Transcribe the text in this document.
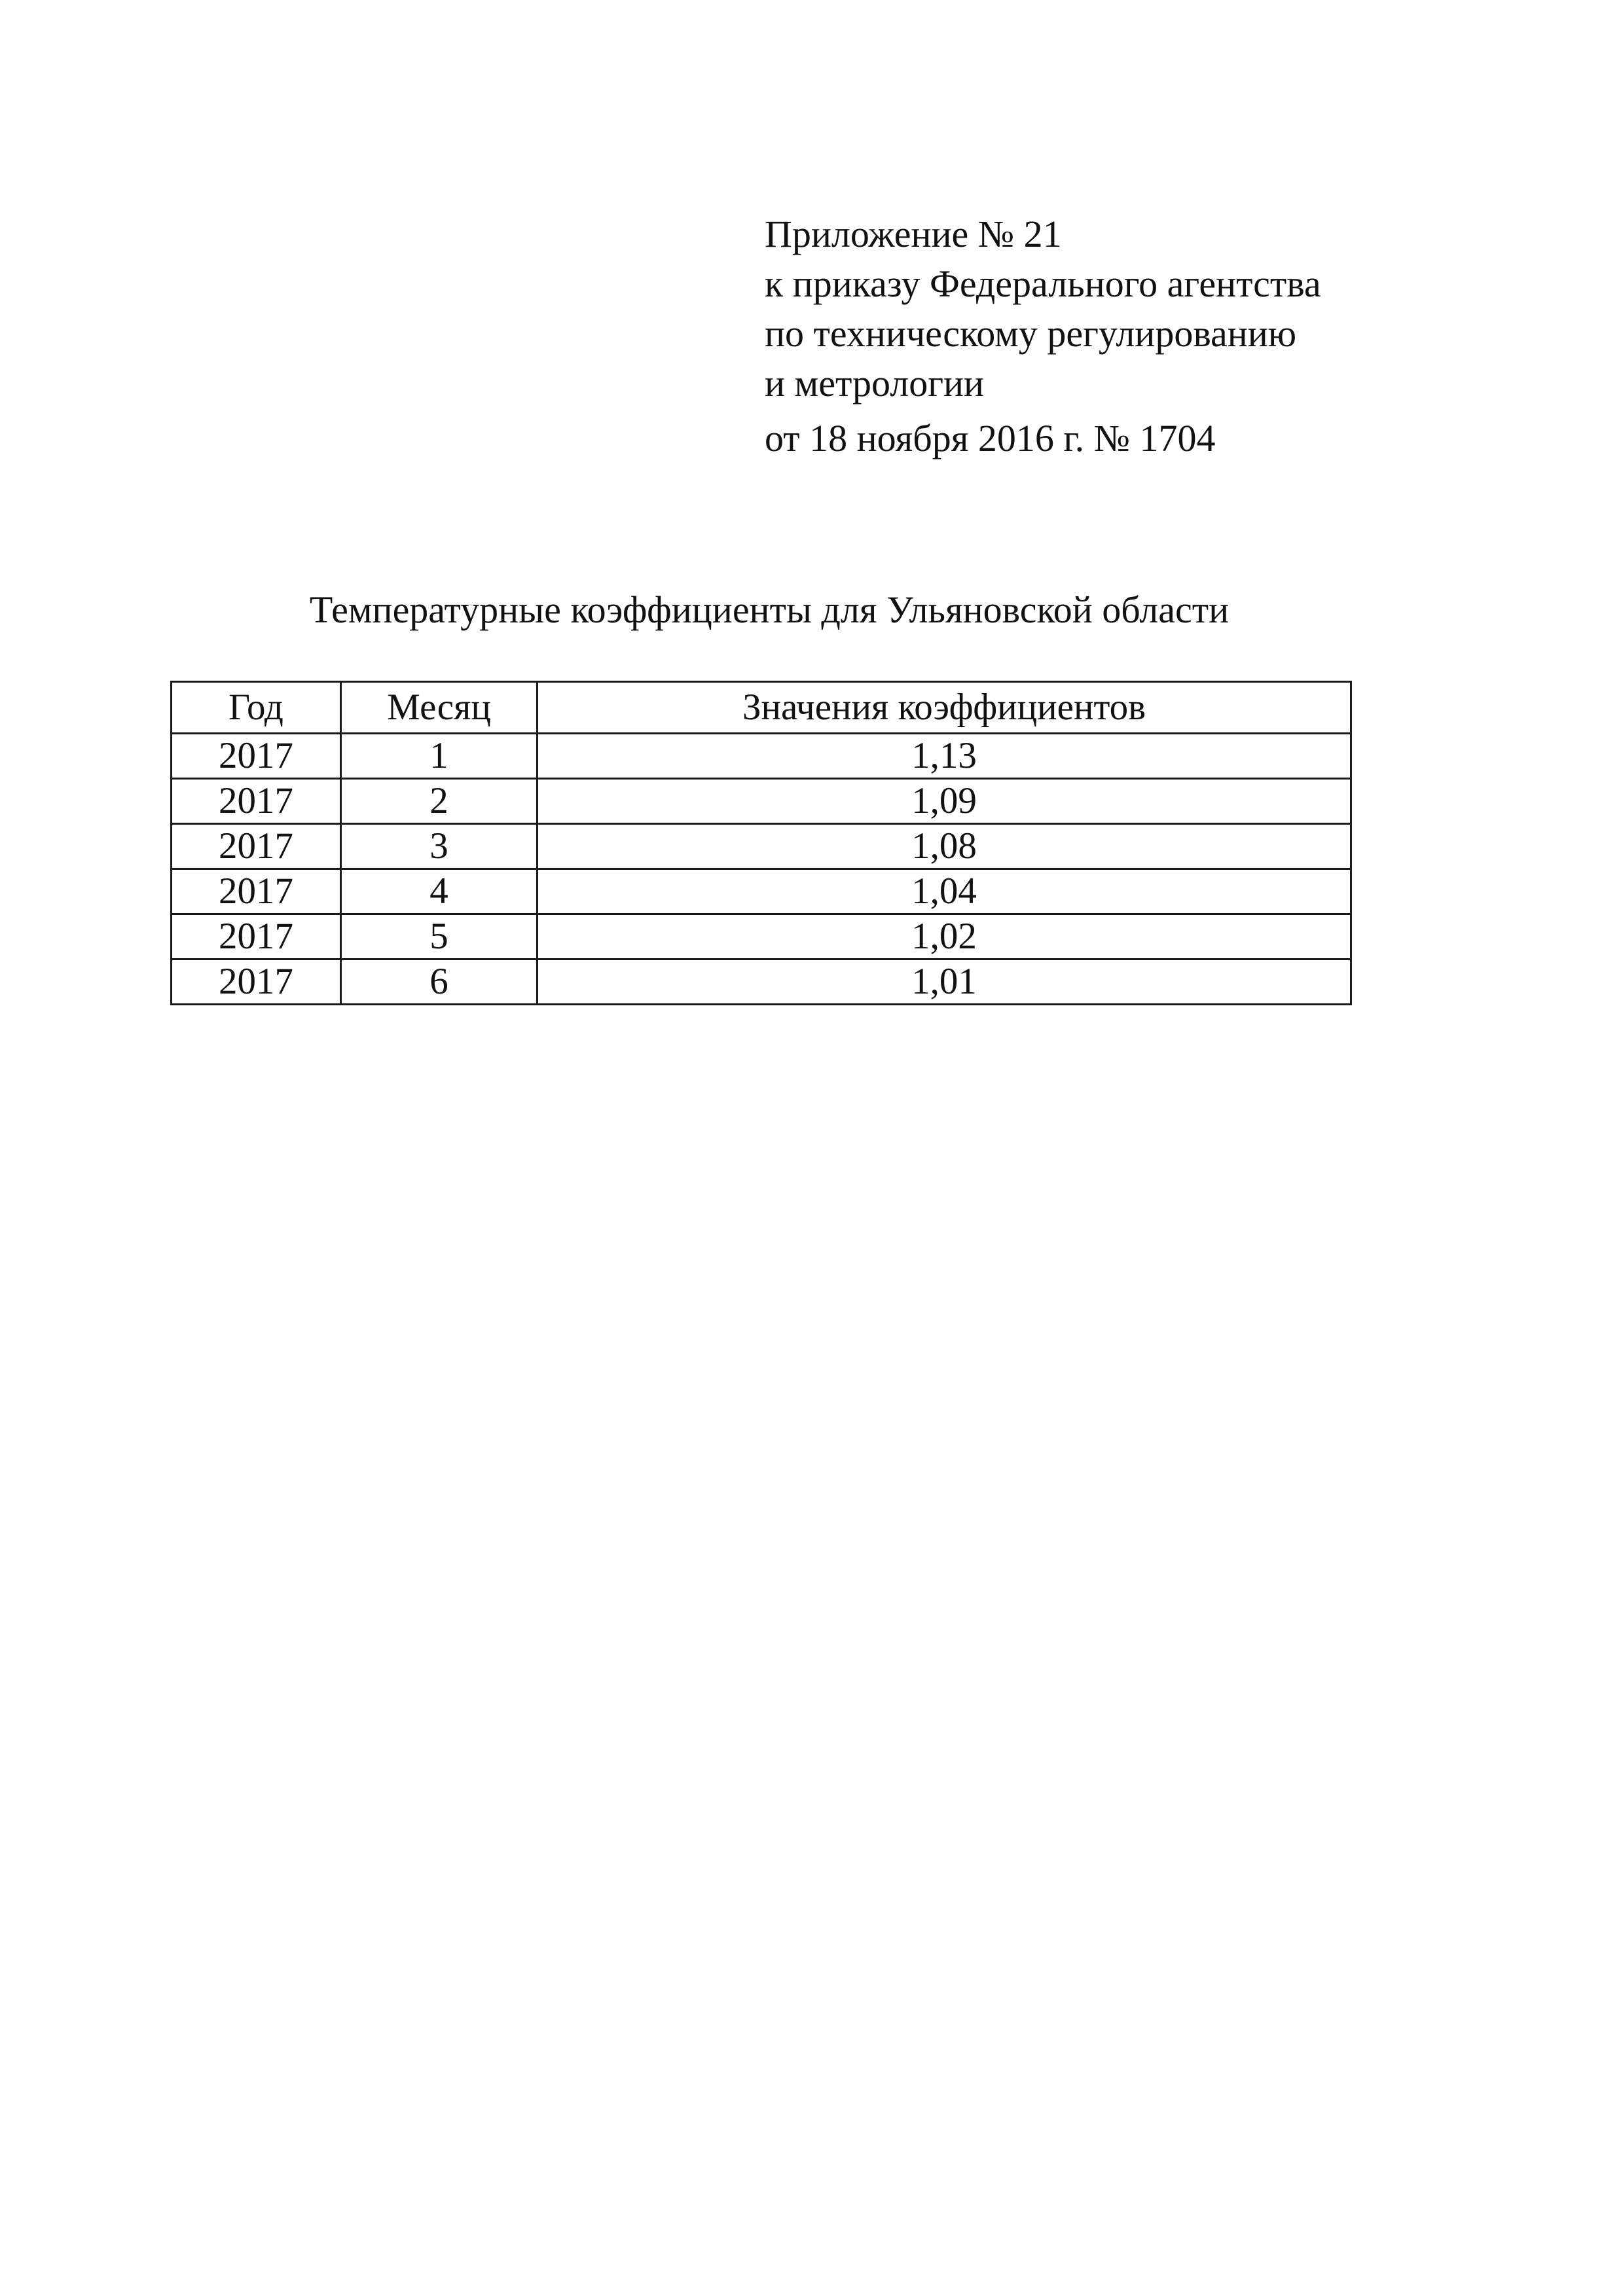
Приложение № 21
к приказу Федерального агентства
по техническому регулированию
и метрологии
от 18 ноября 2016 г. № 1704
Температурные коэффициенты для Ульяновской области
Год	Месяц	Значения коэффициентов
2017	1	1,13
2017	2	1,09
2017	3	1,08
2017	4	1,04
2017	5	1,02
2017	6	1,01
